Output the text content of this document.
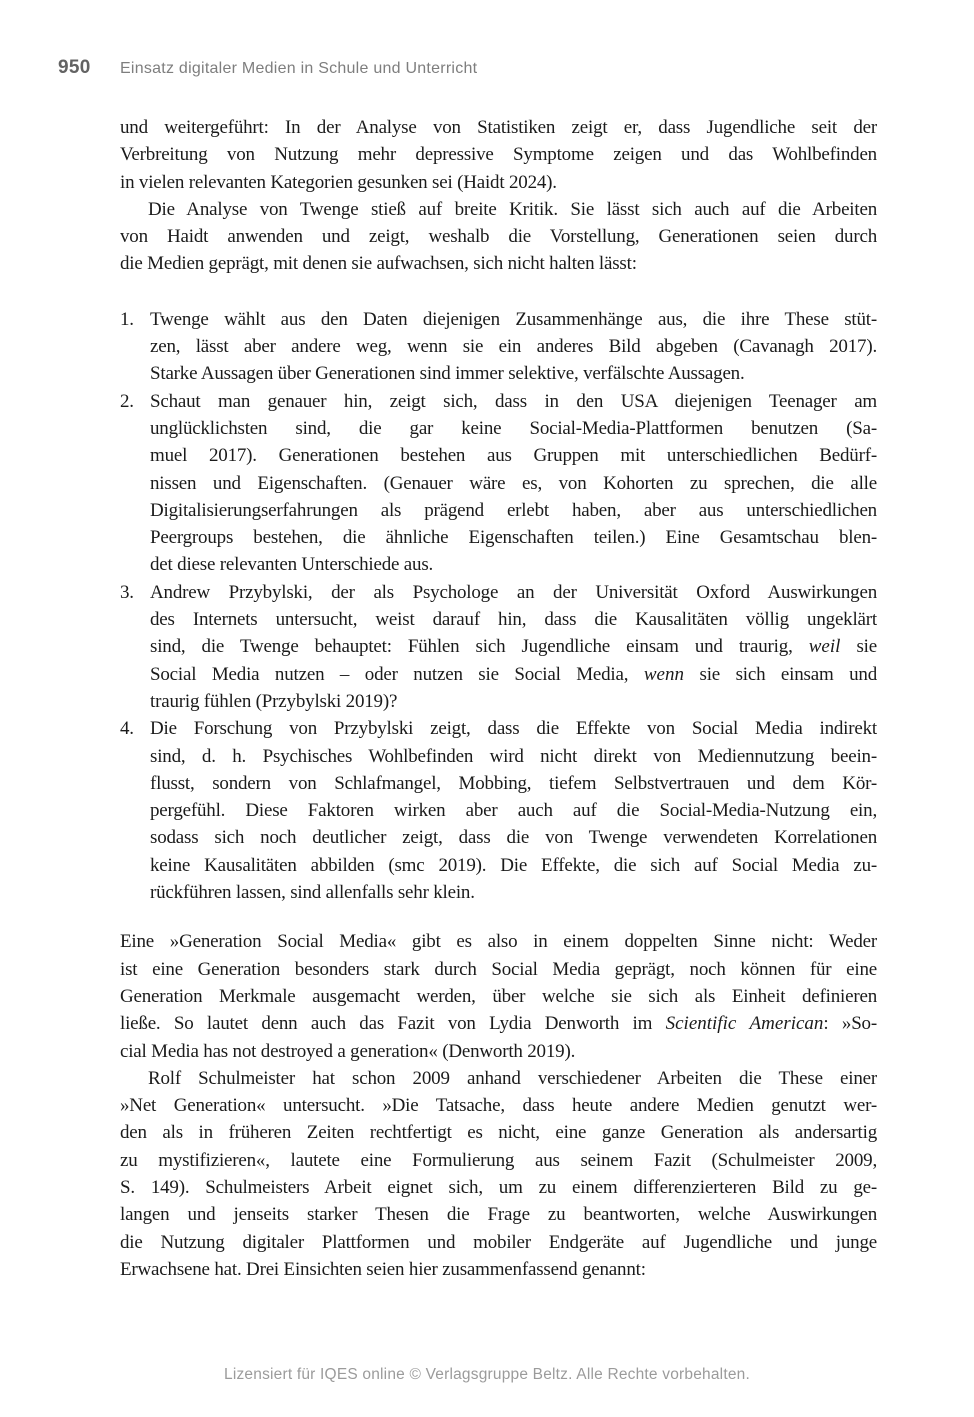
950 Einsatz digitaler Medien in Schule und Unterricht
und weitergeführt: In der Analyse von Statistiken zeigt er, dass Jugendliche seit der
Verbreitung von Nutzung mehr depressive Symptome zeigen und das Wohlbefinden
in vielen relevanten Kategorien gesunken sei (Haidt 2024).
Die Analyse von Twenge stieß auf breite Kritik. Sie lässt sich auch auf die Arbeiten
von Haidt anwenden und zeigt, weshalb die Vorstellung, Generationen seien durch
die Medien geprägt, mit denen sie aufwachsen, sich nicht halten lässt:
1. Twenge wählt aus den Daten diejenigen Zusammenhänge aus, die ihre These stüt-
zen, lässt aber andere weg, wenn sie ein anderes Bild abgeben (Cavanagh 2017).
Starke Aussagen über Generationen sind immer selektive, verfälschte Aussagen.
2. Schaut man genauer hin, zeigt sich, dass in den USA diejenigen Teenager am
unglücklichsten sind, die gar keine Social-Media-Plattformen benutzen (Sa-
muel 2017). Generationen bestehen aus Gruppen mit unterschiedlichen Bedürf-
nissen und Eigenschaften. (Genauer wäre es, von Kohorten zu sprechen, die alle
Digitalisierungserfahrungen als prägend erlebt haben, aber aus unterschiedlichen
Peergroups bestehen, die ähnliche Eigenschaften teilen.) Eine Gesamtschau blen-
det diese relevanten Unterschiede aus.
3. Andrew Przybylski, der als Psychologe an der Universität Oxford Auswirkungen
des Internets untersucht, weist darauf hin, dass die Kausalitäten völlig ungeklärt
sind, die Twenge behauptet: Fühlen sich Jugendliche einsam und traurig, weil sie
Social Media nutzen – oder nutzen sie Social Media, wenn sie sich einsam und
traurig fühlen (Przybylski 2019)?
4. Die Forschung von Przybylski zeigt, dass die Effekte von Social Media indirekt
sind, d. h. Psychisches Wohlbefinden wird nicht direkt von Mediennutzung beein-
flusst, sondern von Schlafmangel, Mobbing, tiefem Selbstvertrauen und dem Kör-
pergefühl. Diese Faktoren wirken aber auch auf die Social-Media-Nutzung ein,
sodass sich noch deutlicher zeigt, dass die von Twenge verwendeten Korrelationen
keine Kausalitäten abbilden (smc 2019). Die Effekte, die sich auf Social Media zu-
rückführen lassen, sind allenfalls sehr klein.
Eine »Generation Social Media« gibt es also in einem doppelten Sinne nicht: Weder
ist eine Generation besonders stark durch Social Media geprägt, noch können für eine
Generation Merkmale ausgemacht werden, über welche sie sich als Einheit definieren
ließe. So lautet denn auch das Fazit von Lydia Denworth im Scientific American: »So-
cial Media has not destroyed a generation« (Denworth 2019).
Rolf Schulmeister hat schon 2009 anhand verschiedener Arbeiten die These einer
»Net Generation« untersucht. »Die Tatsache, dass heute andere Medien genutzt wer-
den als in früheren Zeiten rechtfertigt es nicht, eine ganze Generation als andersartig
zu mystifizieren«, lautete eine Formulierung aus seinem Fazit (Schulmeister 2009,
S. 149). Schulmeisters Arbeit eignet sich, um zu einem differenzierteren Bild zu ge-
langen und jenseits starker Thesen die Frage zu beantworten, welche Auswirkungen
die Nutzung digitaler Plattformen und mobiler Endgeräte auf Jugendliche und junge
Erwachsene hat. Drei Einsichten seien hier zusammenfassend genannt:
Lizensiert für IQES online © Verlagsgruppe Beltz. Alle Rechte vorbehalten.
